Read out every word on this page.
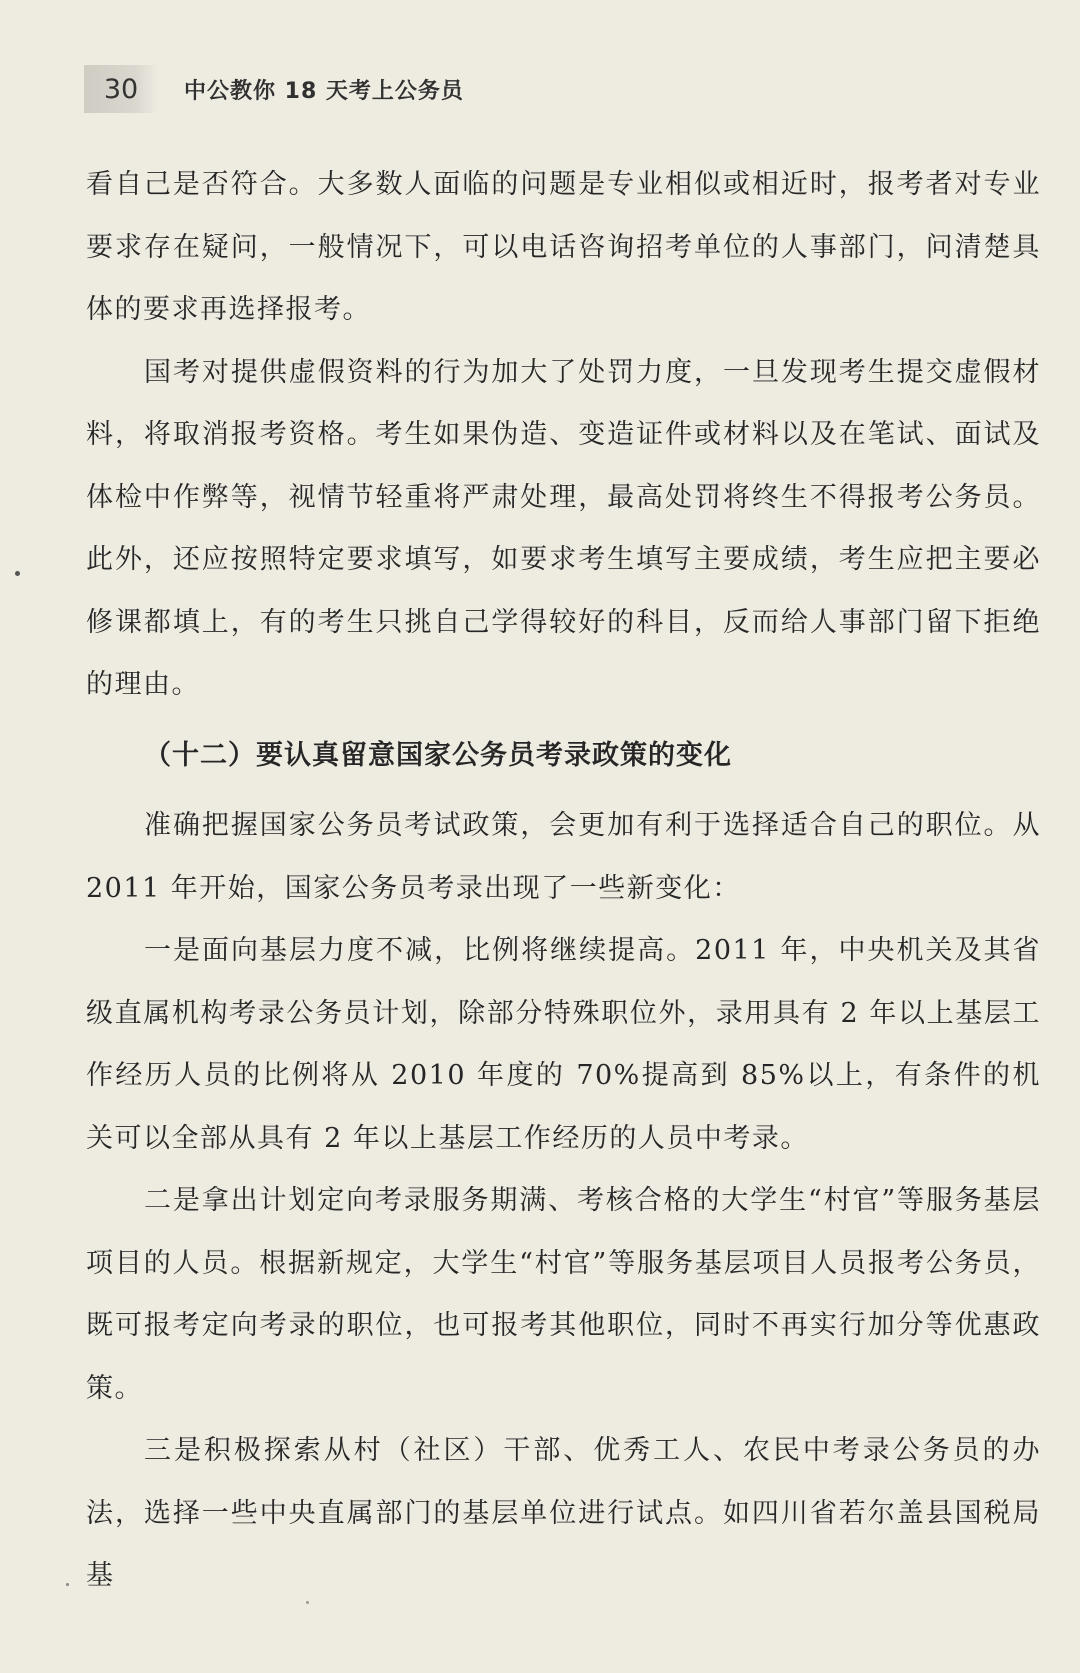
30	中公教你 18 天考上公务员

看自己是否符合。大多数人面临的问题是专业相似或相近时，报考者对专业要求存在疑问，一般情况下，可以电话咨询招考单位的人事部门，问清楚具体的要求再选择报考。

国考对提供虚假资料的行为加大了处罚力度，一旦发现考生提交虚假材料，将取消报考资格。考生如果伪造、变造证件或材料以及在笔试、面试及体检中作弊等，视情节轻重将严肃处理，最高处罚将终生不得报考公务员。此外，还应按照特定要求填写，如要求考生填写主要成绩，考生应把主要必修课都填上，有的考生只挑自己学得较好的科目，反而给人事部门留下拒绝的理由。

（十二）要认真留意国家公务员考录政策的变化

准确把握国家公务员考试政策，会更加有利于选择适合自己的职位。从 2011 年开始，国家公务员考录出现了一些新变化：

一是面向基层力度不减，比例将继续提高。2011 年，中央机关及其省级直属机构考录公务员计划，除部分特殊职位外，录用具有 2 年以上基层工作经历人员的比例将从 2010 年度的 70%提高到 85%以上，有条件的机关可以全部从具有 2 年以上基层工作经历的人员中考录。

二是拿出计划定向考录服务期满、考核合格的大学生“村官”等服务基层项目的人员。根据新规定，大学生“村官”等服务基层项目人员报考公务员，既可报考定向考录的职位，也可报考其他职位，同时不再实行加分等优惠政策。

三是积极探索从村（社区）干部、优秀工人、农民中考录公务员的办法，选择一些中央直属部门的基层单位进行试点。如四川省若尔盖县国税局基
